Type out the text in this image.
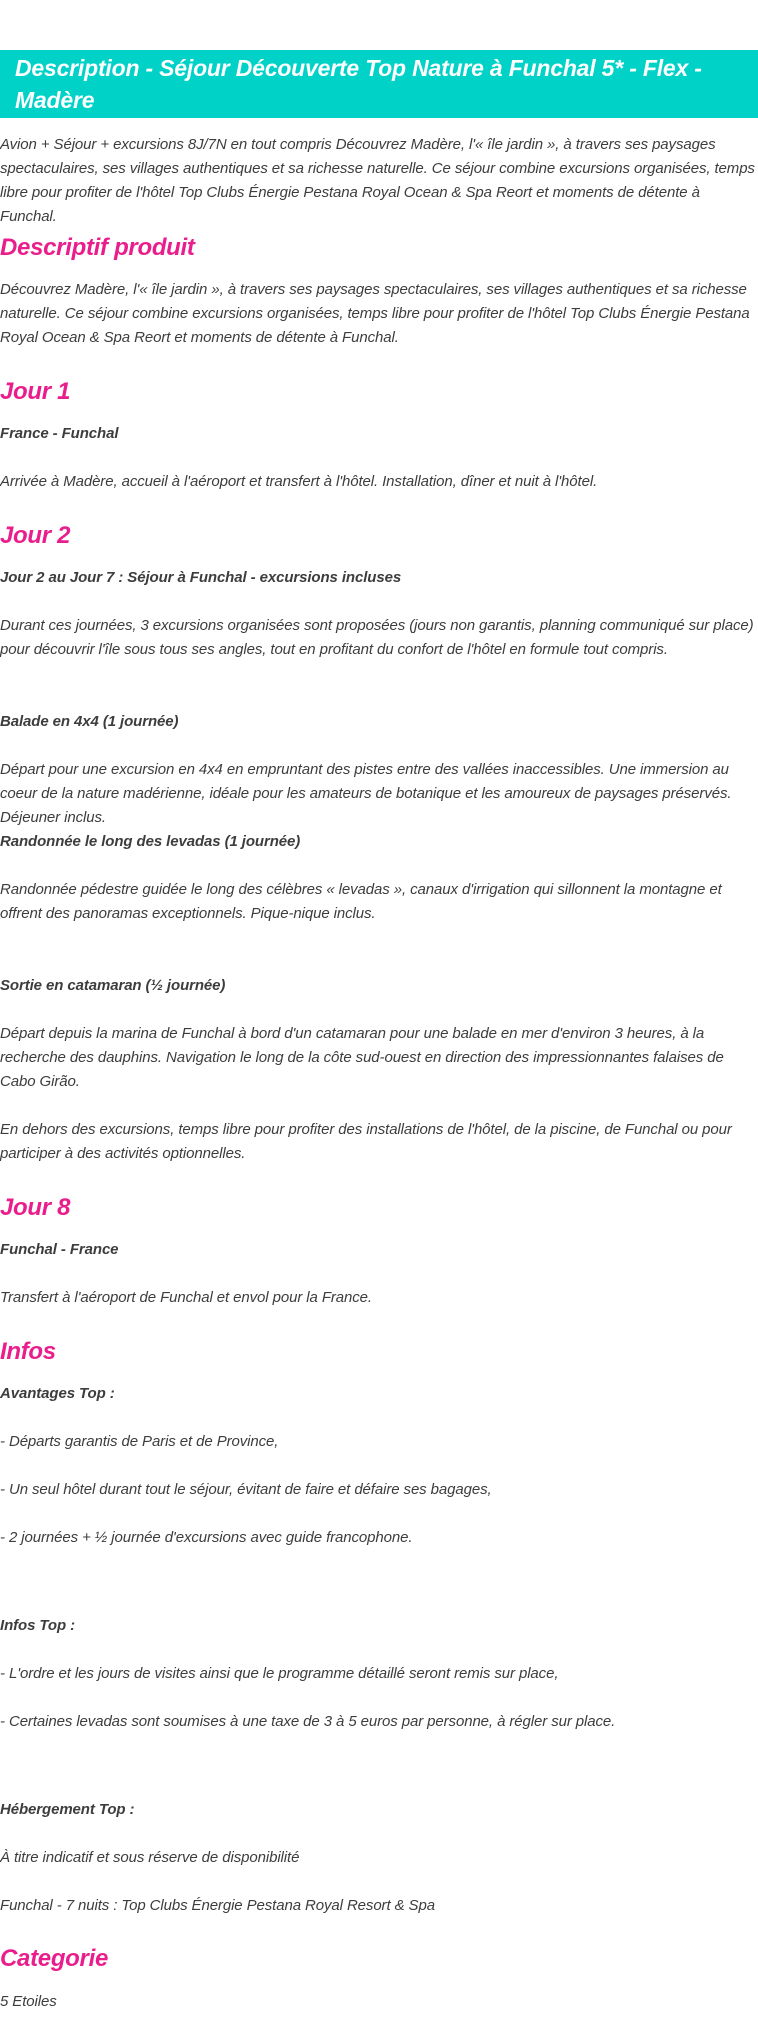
Description - Séjour Découverte Top Nature à Funchal 5* - Flex - Madère

Avion + Séjour + excursions 8J/7N en tout compris Découvrez Madère, l'« île jardin », à travers ses paysages spectaculaires, ses villages authentiques et sa richesse naturelle. Ce séjour combine excursions organisées, temps libre pour profiter de l'hôtel Top Clubs Énergie Pestana Royal Ocean & Spa Reort et moments de détente à Funchal.

Descriptif produit

Découvrez Madère, l'« île jardin », à travers ses paysages spectaculaires, ses villages authentiques et sa richesse naturelle. Ce séjour combine excursions organisées, temps libre pour profiter de l'hôtel Top Clubs Énergie Pestana Royal Ocean & Spa Reort et moments de détente à Funchal.

Jour 1

France - Funchal

Arrivée à Madère, accueil à l'aéroport et transfert à l'hôtel. Installation, dîner et nuit à l'hôtel.

Jour 2

Jour 2 au Jour 7 : Séjour à Funchal - excursions incluses

Durant ces journées, 3 excursions organisées sont proposées (jours non garantis, planning communiqué sur place) pour découvrir l'île sous tous ses angles, tout en profitant du confort de l'hôtel en formule tout compris.

Balade en 4x4 (1 journée)

Départ pour une excursion en 4x4 en empruntant des pistes entre des vallées inaccessibles. Une immersion au coeur de la nature madérienne, idéale pour les amateurs de botanique et les amoureux de paysages préservés. Déjeuner inclus.

Randonnée le long des levadas (1 journée)

Randonnée pédestre guidée le long des célèbres « levadas », canaux d'irrigation qui sillonnent la montagne et offrent des panoramas exceptionnels. Pique-nique inclus.

Sortie en catamaran (½ journée)

Départ depuis la marina de Funchal à bord d'un catamaran pour une balade en mer d'environ 3 heures, à la recherche des dauphins. Navigation le long de la côte sud-ouest en direction des impressionnantes falaises de Cabo Girão.

En dehors des excursions, temps libre pour profiter des installations de l'hôtel, de la piscine, de Funchal ou pour participer à des activités optionnelles.

Jour 8

Funchal - France

Transfert à l'aéroport de Funchal et envol pour la France.

Infos

Avantages Top :

- Départs garantis de Paris et de Province,

- Un seul hôtel durant tout le séjour, évitant de faire et défaire ses bagages,

- 2 journées + ½ journée d'excursions avec guide francophone.

Infos Top :

- L'ordre et les jours de visites ainsi que le programme détaillé seront remis sur place,

- Certaines levadas sont soumises à une taxe de 3 à 5 euros par personne, à régler sur place.

Hébergement Top :

À titre indicatif et sous réserve de disponibilité

Funchal - 7 nuits : Top Clubs Énergie Pestana Royal Resort & Spa

Categorie

5 Etoiles
